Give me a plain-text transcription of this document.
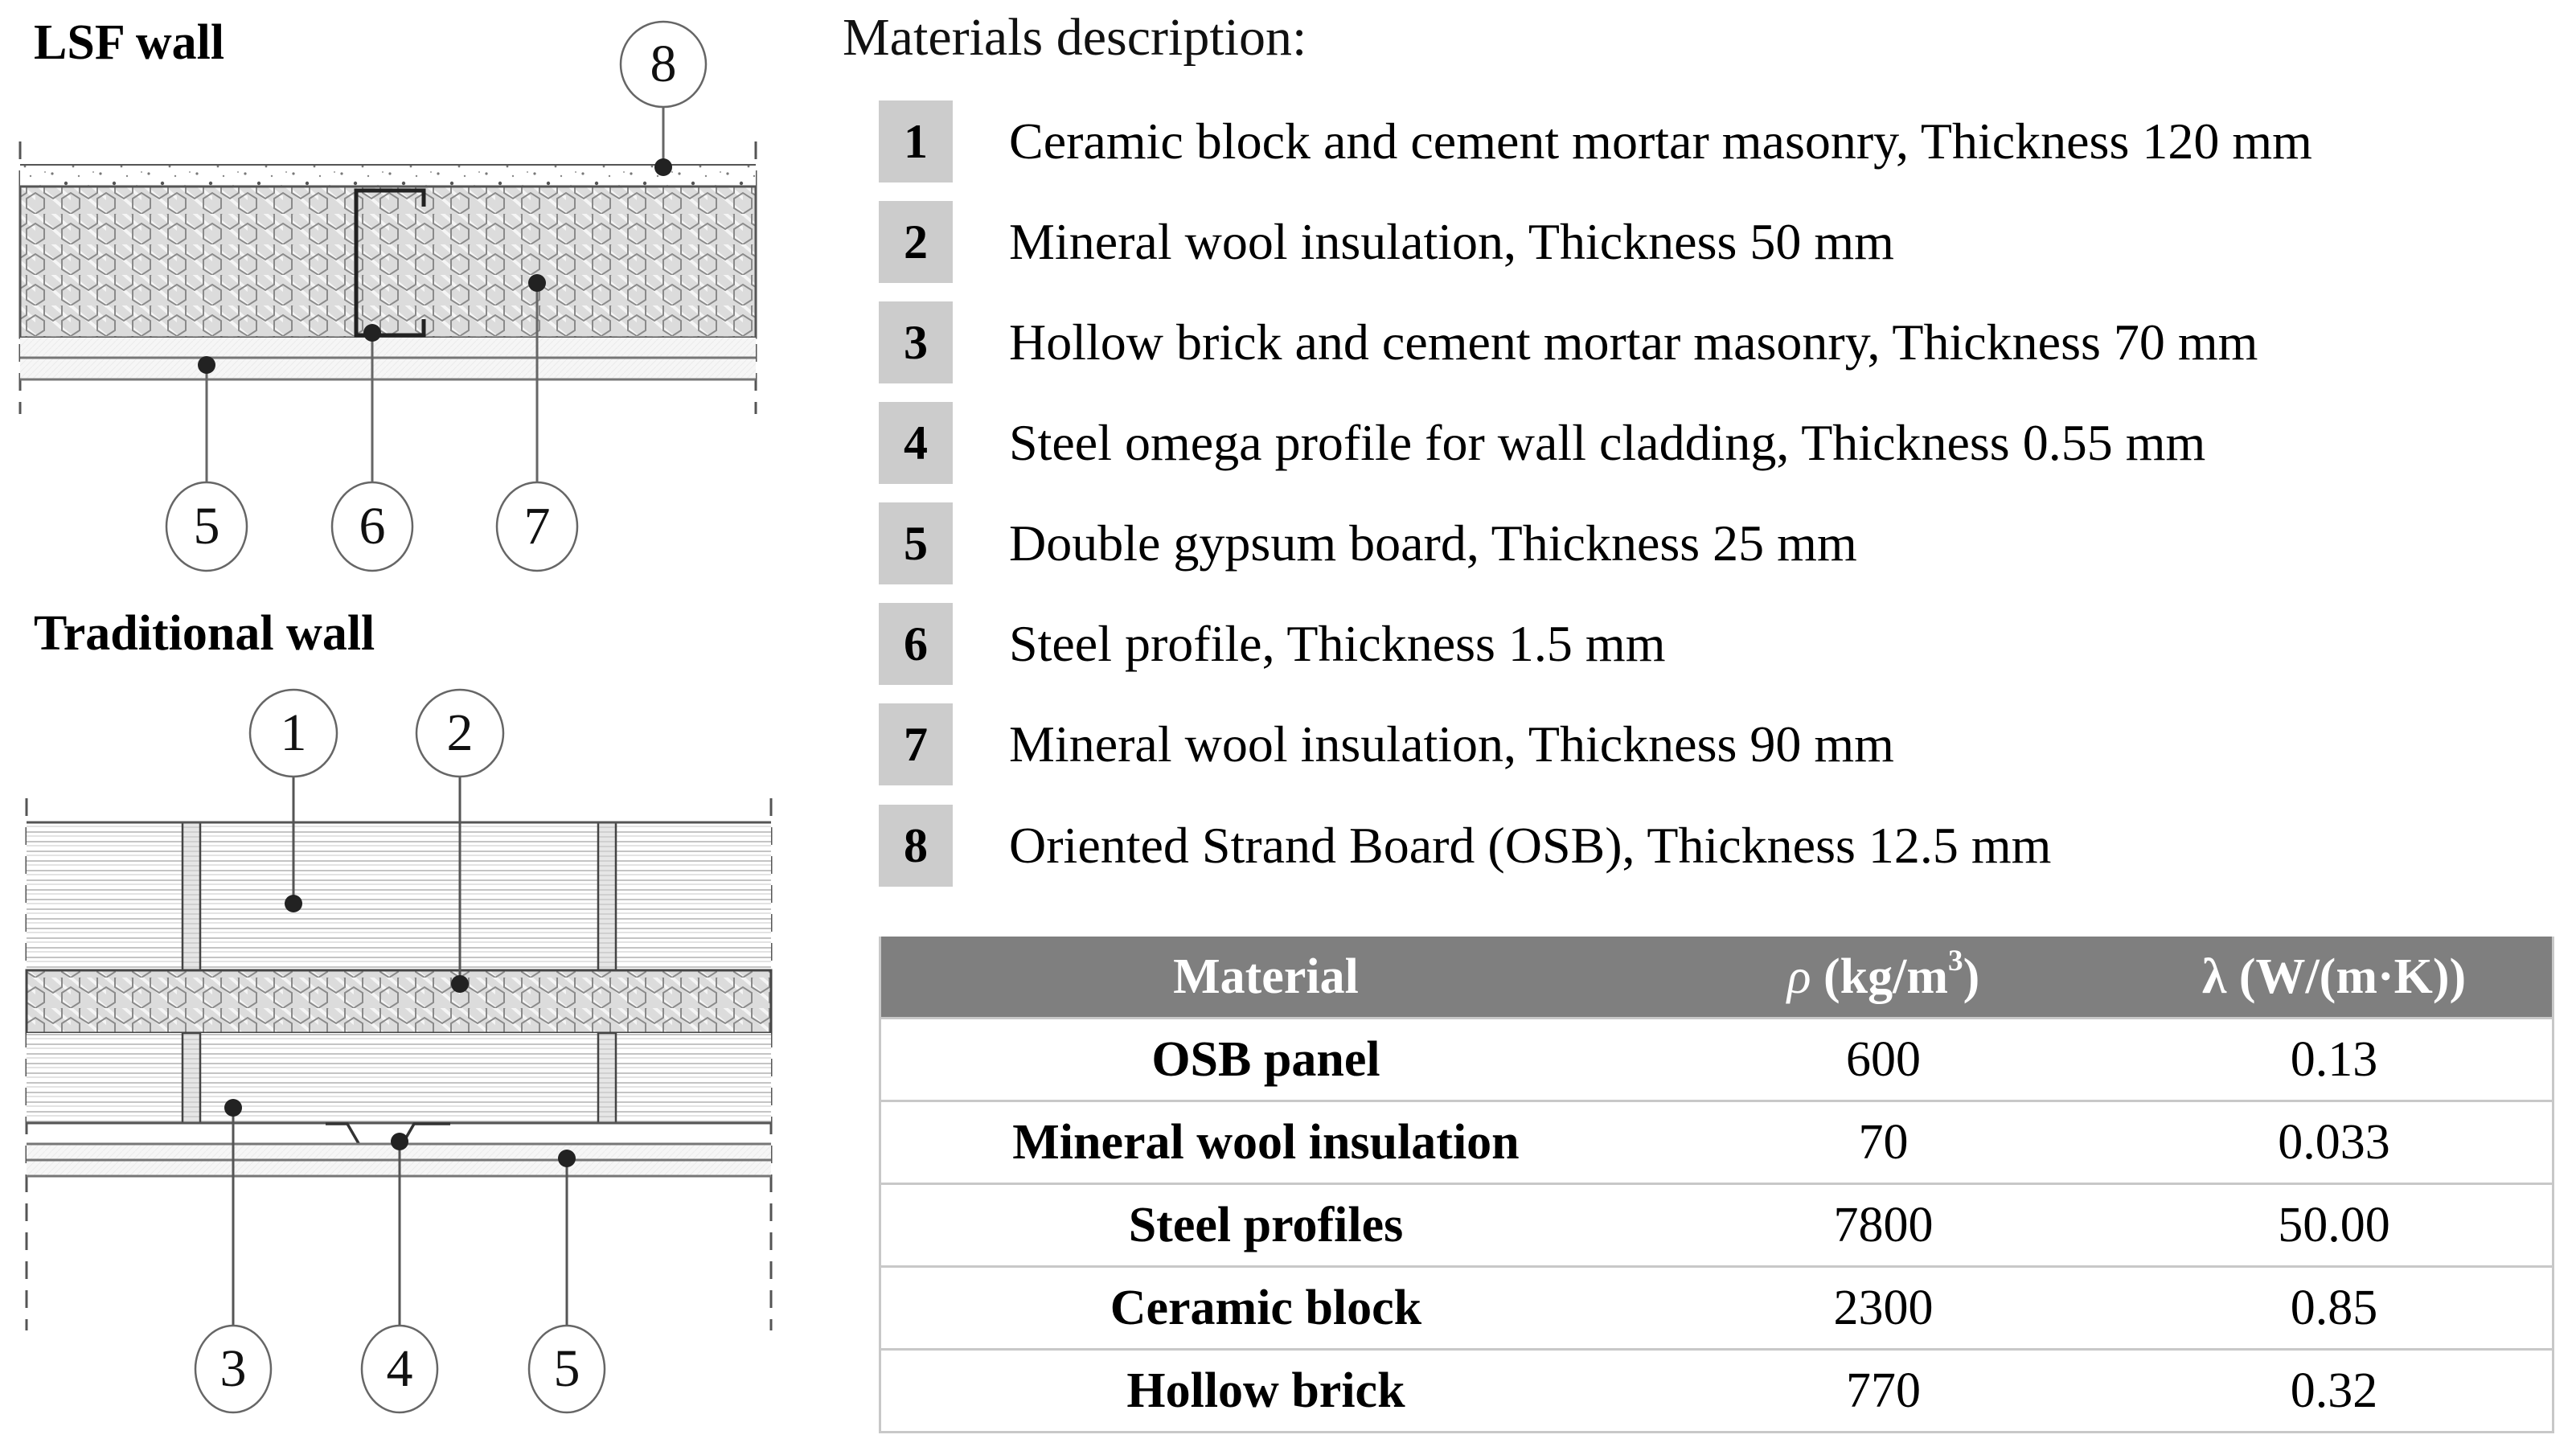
LSF wall	8
5	6	7
Traditional wall
1	2
3	4	5
Materials description:
1	Ceramic block and cement mortar masonry, Thickness 120 mm
2	Mineral wool insulation, Thickness 50 mm
3	Hollow brick and cement mortar masonry, Thickness 70 mm
4	Steel omega profile for wall cladding, Thickness 0.55 mm
5	Double gypsum board, Thickness 25 mm
6	Steel profile, Thickness 1.5 mm
7	Mineral wool insulation, Thickness 90 mm
8	Oriented Strand Board (OSB), Thickness 12.5 mm
Material	ρ $(kg/m^3)$	λ (W/(m·K))
OSB panel	600	0.13
Mineral wool insulation	70	0.033
Steel profiles	7800	50.00
Ceramic block	2300	0.85
Hollow brick	770	0.32
